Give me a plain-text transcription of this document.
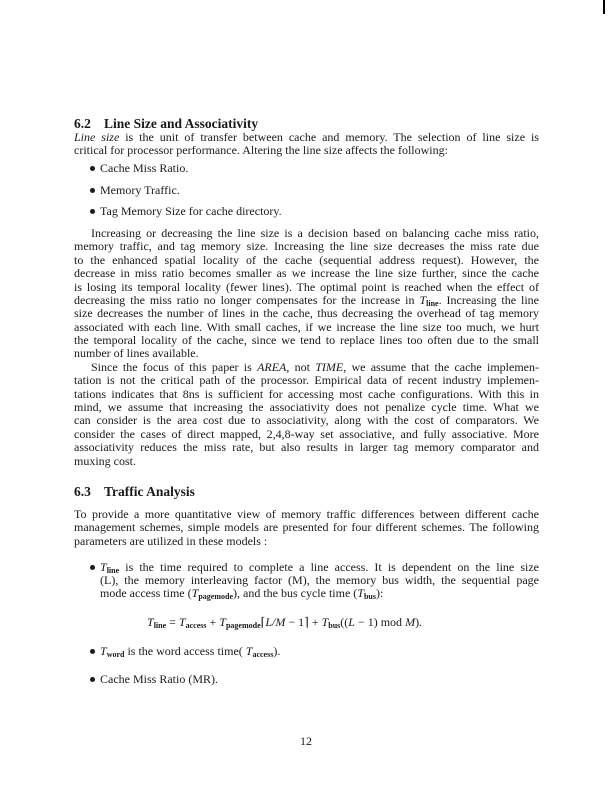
6.2 Line Size and Associativity
Line size is the unit of transfer between cache and memory. The selection of line size is
critical for processor performance. Altering the line size affects the following:
Cache Miss Ratio.
Memory Traffic.
Tag Memory Size for cache directory.
Increasing or decreasing the line size is a decision based on balancing cache miss ratio,
memory traffic, and tag memory size. Increasing the line size decreases the miss rate due
to the enhanced spatial locality of the cache (sequential address request). However, the
decrease in miss ratio becomes smaller as we increase the line size further, since the cache
is losing its temporal locality (fewer lines). The optimal point is reached when the effect of
decreasing the miss ratio no longer compensates for the increase in $T_{line}$. Increasing the line
size decreases the number of lines in the cache, thus decreasing the overhead of tag memory
associated with each line. With small caches, if we increase the line size too much, we hurt
the temporal locality of the cache, since we tend to replace lines too often due to the small
number of lines available.
Since the focus of this paper is AREA, not TIME, we assume that the cache implemen-
tation is not the critical path of the processor. Empirical data of recent industry implemen-
tations indicates that 8ns is sufficient for accessing most cache configurations. With this in
mind, we assume that increasing the associativity does not penalize cycle time. What we
can consider is the area cost due to associativity, along with the cost of comparators. We
consider the cases of direct mapped, 2,4,8-way set associative, and fully associative. More
associativity reduces the miss rate, but also results in larger tag memory comparator and
muxing cost.
6.3 Traffic Analysis
To provide a more quantitative view of memory traffic differences between different cache
management schemes, simple models are presented for four different schemes. The following
parameters are utilized in these models :
$T_{line}$ is the time required to complete a line access. It is dependent on the line size
(L), the memory interleaving factor (M), the memory bus width, the sequential page
mode access time $(T_{pagemode})$, and the bus cycle time $(T_{bus})$:
$T_{line} = T_{access}$ + $T_{pagemode}⌈L/M$ − 1⌉ + $T_{bus}((L - 1)$ mod M).
$T_{word}$ is the word access time( $T_{access}$).
Cache Miss Ratio (MR).
12
